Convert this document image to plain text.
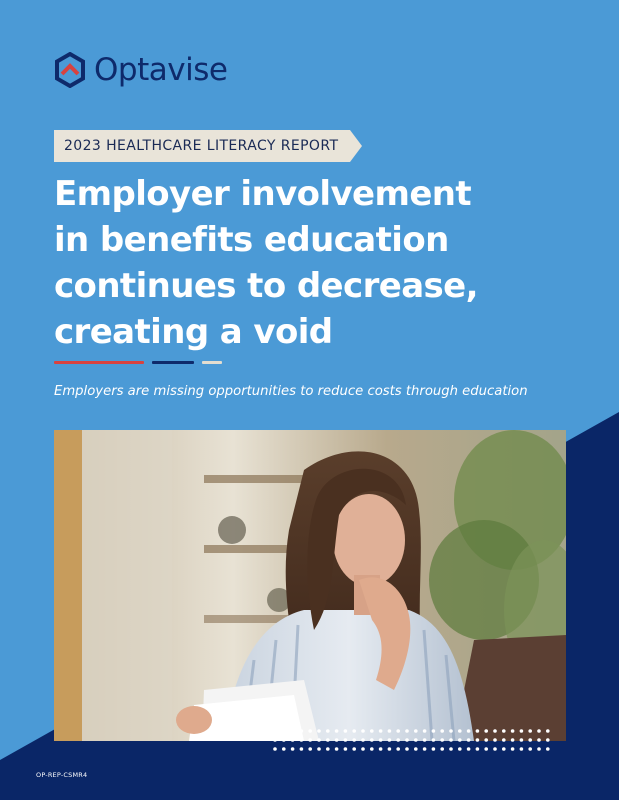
Optavise
2023 HEALTHCARE LITERACY REPORT
Employer involvement
in benefits education
continues to decrease,
creating a void
Employers are missing opportunities to reduce costs through education
OP-REP-CSMR4
